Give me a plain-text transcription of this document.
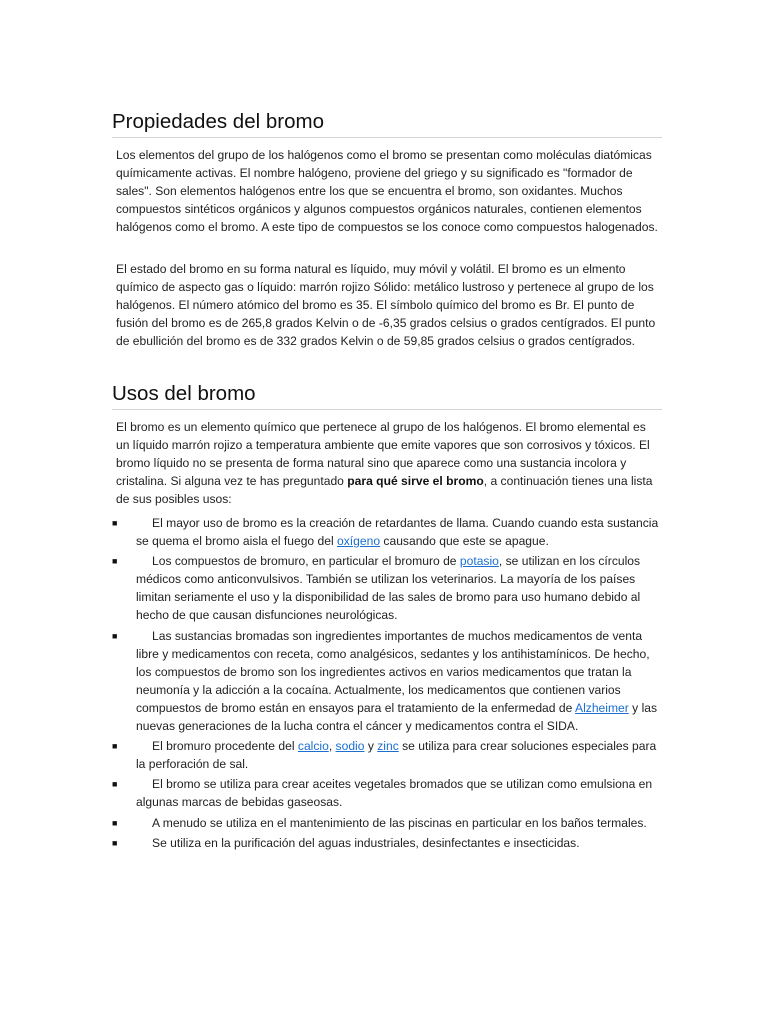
Propiedades del bromo

Los elementos del grupo de los halógenos como el bromo se presentan como moléculas diatómicas químicamente activas. El nombre halógeno, proviene del griego y su significado es "formador de sales". Son elementos halógenos entre los que se encuentra el bromo, son oxidantes. Muchos compuestos sintéticos orgánicos y algunos compuestos orgánicos naturales, contienen elementos halógenos como el bromo. A este tipo de compuestos se los conoce como compuestos halogenados.

El estado del bromo en su forma natural es líquido, muy móvil y volátil. El bromo es un elmento químico de aspecto gas o líquido: marrón rojizo Sólido: metálico lustroso y pertenece al grupo de los halógenos. El número atómico del bromo es 35. El símbolo químico del bromo es Br. El punto de fusión del bromo es de 265,8 grados Kelvin o de -6,35 grados celsius o grados centígrados. El punto de ebullición del bromo es de 332 grados Kelvin o de 59,85 grados celsius o grados centígrados.

Usos del bromo

El bromo es un elemento químico que pertenece al grupo de los halógenos. El bromo elemental es un líquido marrón rojizo a temperatura ambiente que emite vapores que son corrosivos y tóxicos. El bromo líquido no se presenta de forma natural sino que aparece como una sustancia incolora y cristalina. Si alguna vez te has preguntado para qué sirve el bromo, a continuación tienes una lista de sus posibles usos:

■	El mayor uso de bromo es la creación de retardantes de llama. Cuando cuando esta sustancia se quema el bromo aisla el fuego del oxígeno causando que este se apague.
■	Los compuestos de bromuro, en particular el bromuro de potasio, se utilizan en los círculos médicos como anticonvulsivos. También se utilizan los veterinarios. La mayoría de los países limitan seriamente el uso y la disponibilidad de las sales de bromo para uso humano debido al hecho de que causan disfunciones neurológicas.
■	Las sustancias bromadas son ingredientes importantes de muchos medicamentos de venta libre y medicamentos con receta, como analgésicos, sedantes y los antihistamínicos. De hecho, los compuestos de bromo son los ingredientes activos en varios medicamentos que tratan la neumonía y la adicción a la cocaína. Actualmente, los medicamentos que contienen varios compuestos de bromo están en ensayos para el tratamiento de la enfermedad de Alzheimer y las nuevas generaciones de la lucha contra el cáncer y medicamentos contra el SIDA.
■	El bromuro procedente del calcio, sodio y zinc se utiliza para crear soluciones especiales para la perforación de sal.
■	El bromo se utiliza para crear aceites vegetales bromados que se utilizan como emulsiona en algunas marcas de bebidas gaseosas.
■	A menudo se utiliza en el mantenimiento de las piscinas en particular en los baños termales.
■	Se utiliza en la purificación del aguas industriales, desinfectantes e insecticidas.
